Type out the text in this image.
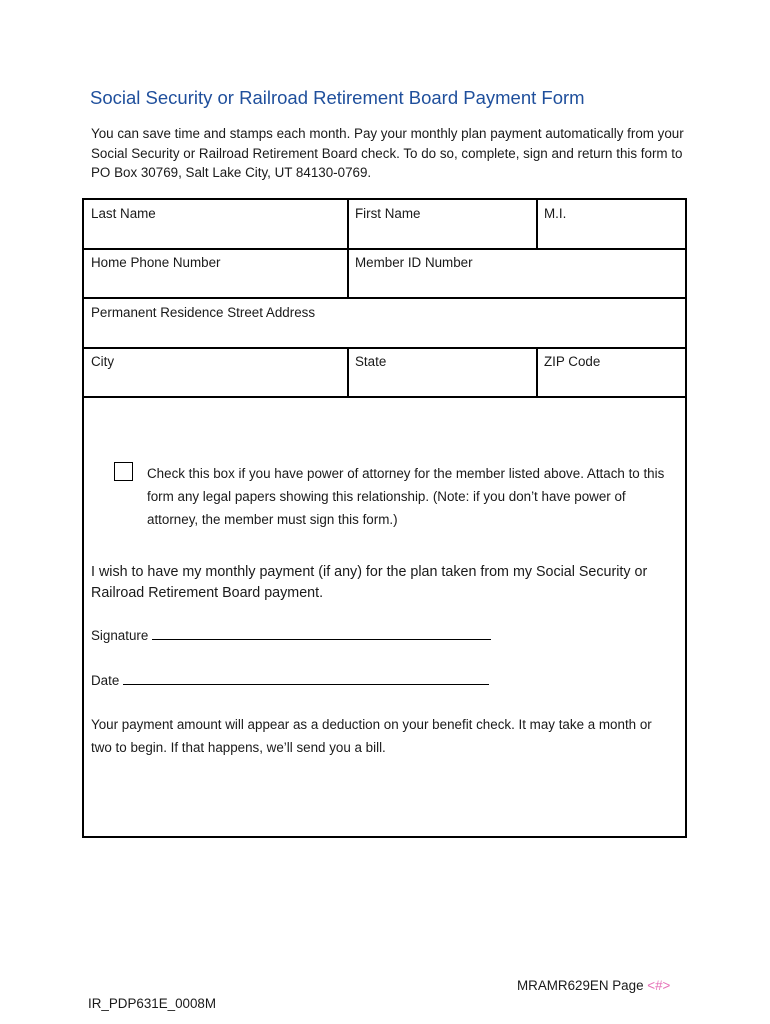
Social Security or Railroad Retirement Board Payment Form
You can save time and stamps each month. Pay your monthly plan payment automatically from your Social Security or Railroad Retirement Board check. To do so, complete, sign and return this form to PO Box 30769, Salt Lake City, UT 84130-0769.
Last Name	First Name	M.I.
Home Phone Number	Member ID Number
Permanent Residence Street Address
City	State	ZIP Code
Check this box if you have power of attorney for the member listed above. Attach to this form any legal papers showing this relationship. (Note: if you don’t have power of attorney, the member must sign this form.)
I wish to have my monthly payment (if any) for the plan taken from my Social Security or Railroad Retirement Board payment.
Signature
Date
Your payment amount will appear as a deduction on your benefit check. It may take a month or two to begin. If that happens, we’ll send you a bill.
MRAMR629EN Page <#>
IR_PDP631E_0008M
